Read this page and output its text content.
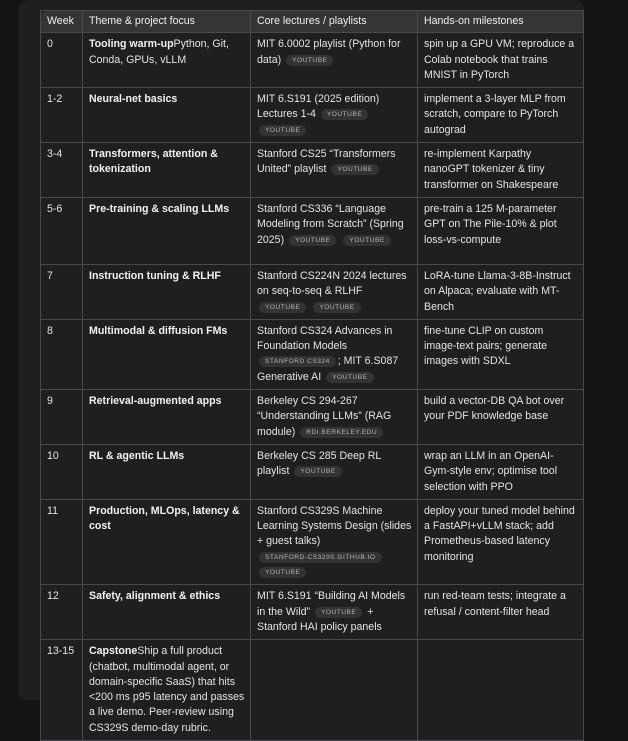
Week	Theme & project focus	Core lectures / playlists	Hands-on milestones
0	Tooling warm-upPython, Git, Conda, GPUs, vLLM	MIT 6.0002 playlist (Python for data) YOUTUBE	spin up a GPU VM; reproduce a Colab notebook that trains MNIST in PyTorch
1-2	Neural-net basics	MIT 6.S191 (2025 edition) Lectures 1-4 YOUTUBE YOUTUBE	implement a 3-layer MLP from scratch, compare to PyTorch autograd
3-4	Transformers, attention & tokenization	Stanford CS25 “Transformers United” playlist YOUTUBE	re-implement Karpathy nanoGPT tokenizer & tiny transformer on Shakespeare
5-6	Pre-training & scaling LLMs	Stanford CS336 “Language Modeling from Scratch” (Spring 2025) YOUTUBE YOUTUBE	pre-train a 125 M-parameter GPT on The Pile-10% & plot loss-vs-compute
7	Instruction tuning & RLHF	Stanford CS224N 2024 lectures on seq-to-seq & RLHF YOUTUBE YOUTUBE	LoRA-tune Llama-3-8B-Instruct on Alpaca; evaluate with MT-Bench
8	Multimodal & diffusion FMs	Stanford CS324 Advances in Foundation Models STANFORD CS324 ; MIT 6.S087 Generative AI YOUTUBE	fine-tune CLIP on custom image-text pairs; generate images with SDXL
9	Retrieval-augmented apps	Berkeley CS 294-267 “Understanding LLMs” (RAG module) RDI.BERKELEY.EDU	build a vector-DB QA bot over your PDF knowledge base
10	RL & agentic LLMs	Berkeley CS 285 Deep RL playlist YOUTUBE	wrap an LLM in an OpenAI-Gym-style env; optimise tool selection with PPO
11	Production, MLOps, latency & cost	Stanford CS329S Machine Learning Systems Design (slides + guest talks) STANFORD-CS329S.GITHUB.IO YOUTUBE	deploy your tuned model behind a FastAPI+vLLM stack; add Prometheus-based latency monitoring
12	Safety, alignment & ethics	MIT 6.S191 “Building AI Models in the Wild” YOUTUBE + Stanford HAI policy panels	run red-team tests; integrate a refusal / content-filter head
13-15	CapstoneShip a full product (chatbot, multimodal agent, or domain-specific SaaS) that hits <200 ms p95 latency and passes a live demo. Peer-review using CS329S demo-day rubric.		
